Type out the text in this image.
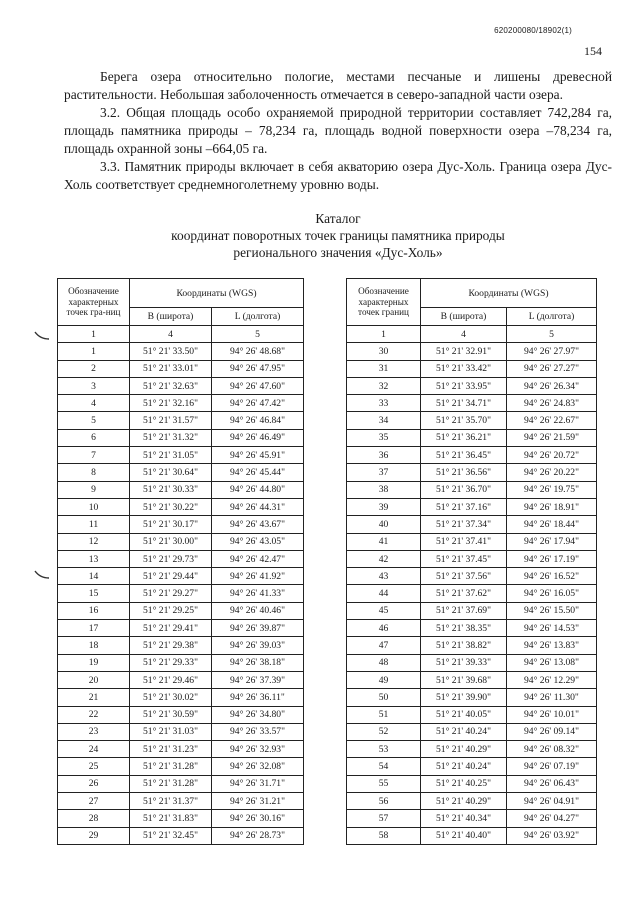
620200080/18902(1)
154

Берега озера относительно пологие, местами песчаные и лишены древесной растительности. Небольшая заболоченность отмечается в северо-западной части озера.

3.2. Общая площадь особо охраняемой природной территории составляет 742,284 га, площадь памятника природы – 78,234 га, площадь водной поверхности озера –78,234 га, площадь охранной зоны –664,05 га.

3.3. Памятник природы включает в себя акваторию озера Дус-Холь. Граница озера Дус-Холь соответствует среднемноголетнему уровню воды.

Каталог
координат поворотных точек границы памятника природы
регионального значения «Дус-Холь»
Обозначение характерных точек гра-ниц	Координаты (WGS)	
	B (широта)	L (долгота)
1	4	5
1	51° 21' 33.50"	94° 26' 48.68"
2	51° 21' 33.01"	94° 26' 47.95"
3	51° 21' 32.63"	94° 26' 47.60"
4	51° 21' 32.16"	94° 26' 47.42"
5	51° 21' 31.57"	94° 26' 46.84"
6	51° 21' 31.32"	94° 26' 46.49"
7	51° 21' 31.05"	94° 26' 45.91"
8	51° 21' 30.64"	94° 26' 45.44"
9	51° 21' 30.33"	94° 26' 44.80"
10	51° 21' 30.22"	94° 26' 44.31"
11	51° 21' 30.17"	94° 26' 43.67"
12	51° 21' 30.00"	94° 26' 43.05"
13	51° 21' 29.73"	94° 26' 42.47"
14	51° 21' 29.44"	94° 26' 41.92"
15	51° 21' 29.27"	94° 26' 41.33"
16	51° 21' 29.25"	94° 26' 40.46"
17	51° 21' 29.41"	94° 26' 39.87"
18	51° 21' 29.38"	94° 26' 39.03"
19	51° 21' 29.33"	94° 26' 38.18"
20	51° 21' 29.46"	94° 26' 37.39"
21	51° 21' 30.02"	94° 26' 36.11"
22	51° 21' 30.59"	94° 26' 34.80"
23	51° 21' 31.03"	94° 26' 33.57"
24	51° 21' 31.23"	94° 26' 32.93"
25	51° 21' 31.28"	94° 26' 32.08"
26	51° 21' 31.28"	94° 26' 31.71"
27	51° 21' 31.37"	94° 26' 31.21"
28	51° 21' 31.83"	94° 26' 30.16"
29	51° 21' 32.45"	94° 26' 28.73"
Обозначение характерных точек границ	Координаты (WGS)	
	B (широта)	L (долгота)
1	4	5
30	51° 21' 32.91"	94° 26' 27.97"
31	51° 21' 33.42"	94° 26' 27.27"
32	51° 21' 33.95"	94° 26' 26.34"
33	51° 21' 34.71"	94° 26' 24.83"
34	51° 21' 35.70"	94° 26' 22.67"
35	51° 21' 36.21"	94° 26' 21.59"
36	51° 21' 36.45"	94° 26' 20.72"
37	51° 21' 36.56"	94° 26' 20.22"
38	51° 21' 36.70"	94° 26' 19.75"
39	51° 21' 37.16"	94° 26' 18.91"
40	51° 21' 37.34"	94° 26' 18.44"
41	51° 21' 37.41"	94° 26' 17.94"
42	51° 21' 37.45"	94° 26' 17.19"
43	51° 21' 37.56"	94° 26' 16.52"
44	51° 21' 37.62"	94° 26' 16.05"
45	51° 21' 37.69"	94° 26' 15.50"
46	51° 21' 38.35"	94° 26' 14.53"
47	51° 21' 38.82"	94° 26' 13.83"
48	51° 21' 39.33"	94° 26' 13.08"
49	51° 21' 39.68"	94° 26' 12.29"
50	51° 21' 39.90"	94° 26' 11.30"
51	51° 21' 40.05"	94° 26' 10.01"
52	51° 21' 40.24"	94° 26' 09.14"
53	51° 21' 40.29"	94° 26' 08.32"
54	51° 21' 40.24"	94° 26' 07.19"
55	51° 21' 40.25"	94° 26' 06.43"
56	51° 21' 40.29"	94° 26' 04.91"
57	51° 21' 40.34"	94° 26' 04.27"
58	51° 21' 40.40"	94° 26' 03.92"
